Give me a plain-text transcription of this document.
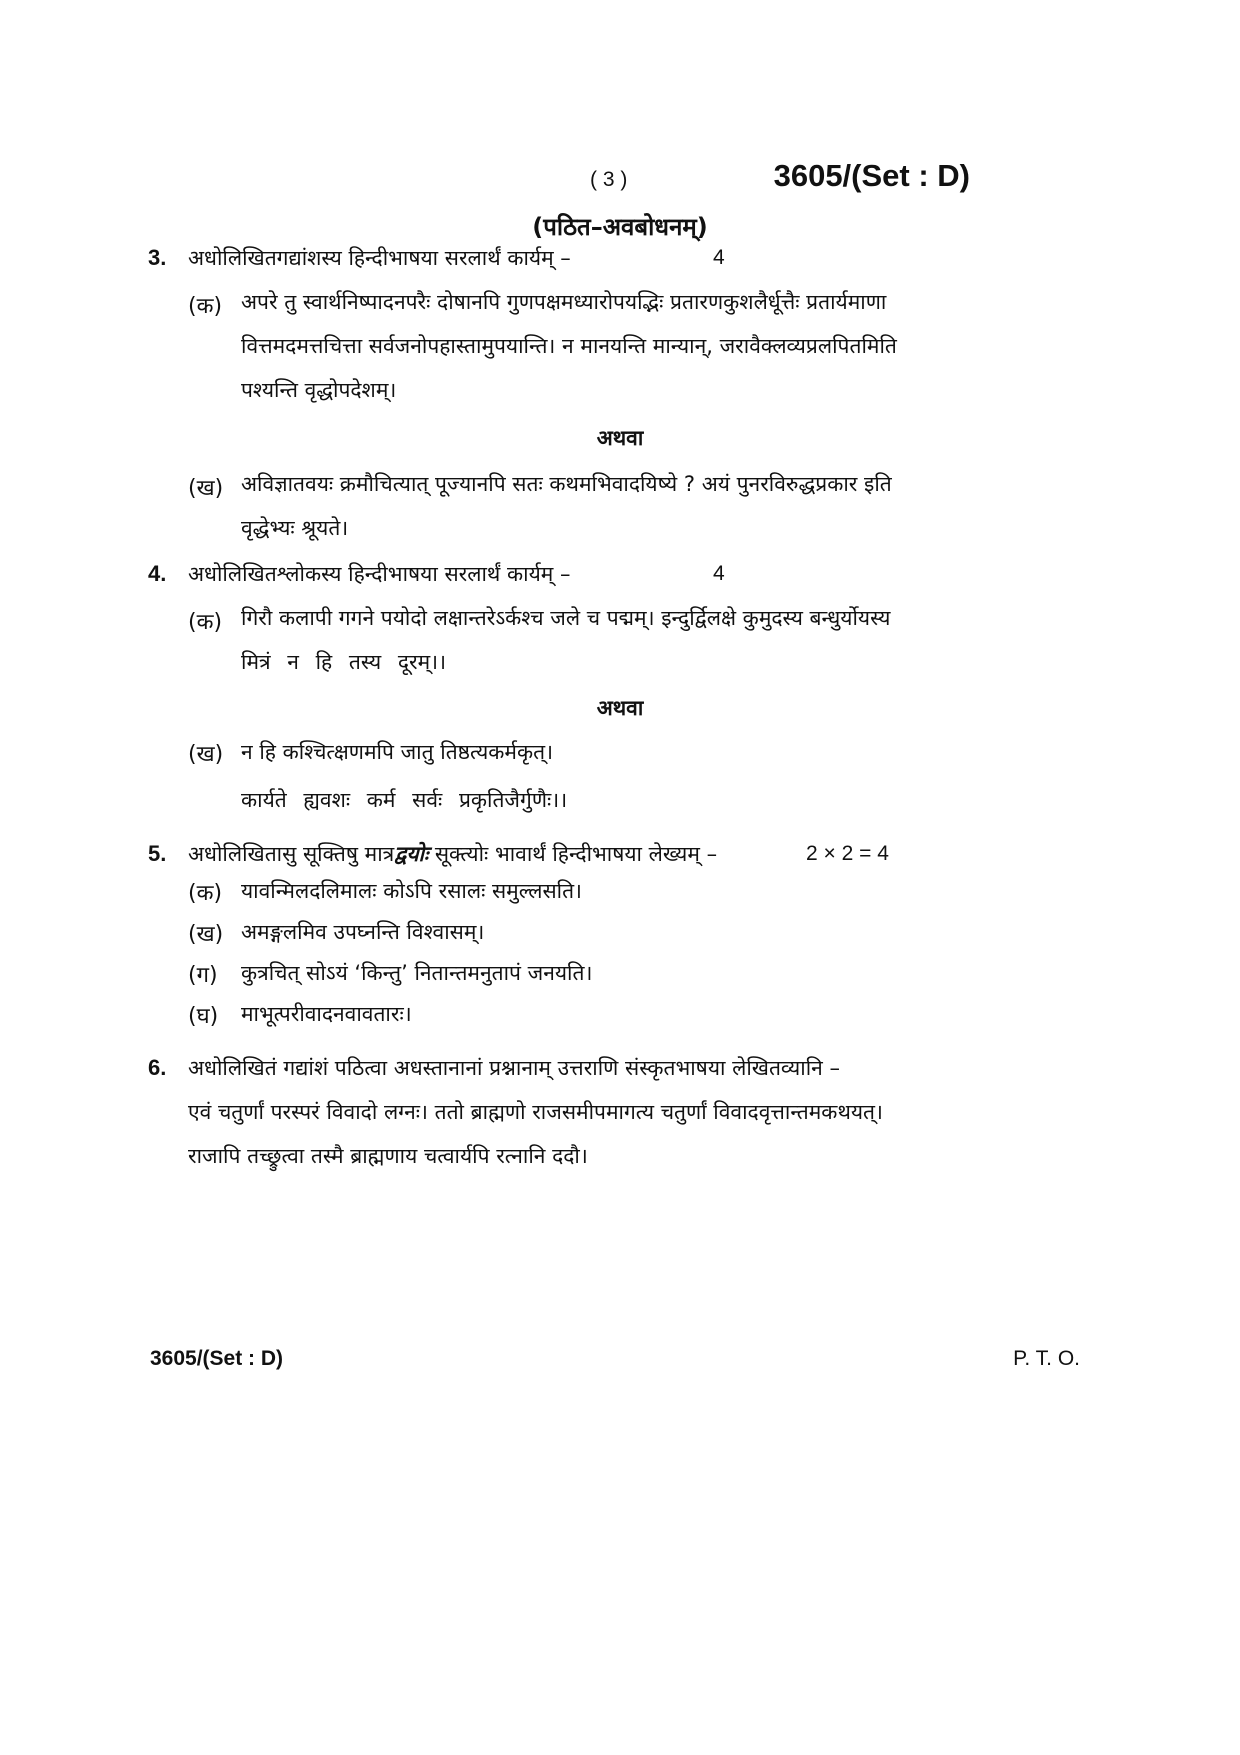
( 3 )	3605/(Set : D)
(पठित–अवबोधनम्)
3. अधोलिखितगद्यांशस्य हिन्दीभाषया सरलार्थं कार्यम् –	4
(क) अपरे तु स्वार्थनिष्पादनपरैः दोषानपि गुणपक्षमध्यारोपयद्भिः प्रतारणकुशलैर्धूत्तैः प्रतार्यमाणा
वित्तमदमत्तचित्ता सर्वजनोपहास्तामुपयान्ति। न मानयन्ति मान्यान्, जरावैक्लव्यप्रलपितमिति
पश्यन्ति वृद्धोपदेशम्।
अथवा
(ख) अविज्ञातवयः क्रमौचित्यात् पूज्यानपि सतः कथमभिवादयिष्ये ? अयं पुनरविरुद्धप्रकार इति
वृद्धेभ्यः श्रूयते।
4. अधोलिखितश्लोकस्य हिन्दीभाषया सरलार्थं कार्यम् –	4
(क) गिरौ कलापी गगने पयोदो लक्षान्तरेऽर्कश्च जले च पद्मम्। इन्दुर्द्विलक्षे कुमुदस्य बन्धुर्योयस्य
मित्रं न हि तस्य दूरम्।।
अथवा
(ख) न हि कश्चित्क्षणमपि जातु तिष्ठत्यकर्मकृत्।
कार्यते ह्यवशः कर्म सर्वः प्रकृतिजैर्गुणैः।।
5. अधोलिखितासु सूक्तिषु मात्रद्वयोः सूक्त्योः भावार्थं हिन्दीभाषया लेख्यम् –	2 × 2 = 4
(क) यावन्मिलदलिमालः कोऽपि रसालः समुल्लसति।
(ख) अमङ्गलमिव उपघ्नन्ति विश्वासम्।
(ग) कुत्रचित् सोऽयं ‘किन्तु’ नितान्तमनुतापं जनयति।
(घ) माभूत्परीवादनवावतारः।
6. अधोलिखितं गद्यांशं पठित्वा अधस्तानानां प्रश्नानाम् उत्तराणि संस्कृतभाषया लेखितव्यानि –
एवं चतुर्णां परस्परं विवादो लग्नः। ततो ब्राह्मणो राजसमीपमागत्य चतुर्णां विवादवृत्तान्तमकथयत्।
राजापि तच्छ्रुत्वा तस्मै ब्राह्मणाय चत्वार्यपि रत्नानि ददौ।
3605/(Set : D)	P. T. O.
